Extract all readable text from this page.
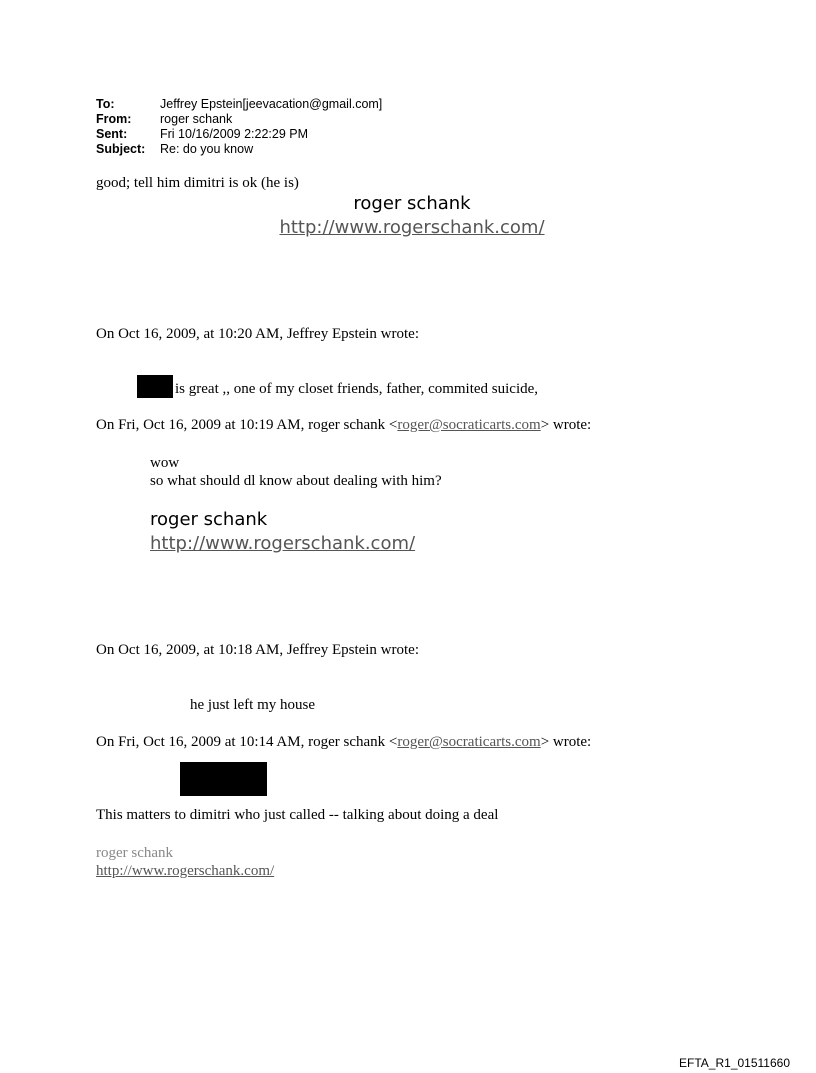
To:	Jeffrey Epstein[jeevacation@gmail.com]
From: roger schank
Sent:	Fri 10/16/2009 2:22:29 PM
Subject: Re: do you know
good; tell him dimitri is ok (he is)
roger schank
http://www.rogerschank.com/
On Oct 16, 2009, at 10:20 AM, Jeffrey Epstein wrote:
is great ,, one of my closet friends, father, commited suicide,
On Fri, Oct 16, 2009 at 10:19 AM, roger schank <roger@socraticarts.com> wrote:
wow
so what should dl know about dealing with him?
roger schank
http://www.rogerschank.com/
On Oct 16, 2009, at 10:18 AM, Jeffrey Epstein wrote:
he just left my house
On Fri, Oct 16, 2009 at 10:14 AM, roger schank <roger@socraticarts.com> wrote:
This matters to dimitri who just called -- talking about doing a deal
roger schank
http://www.rogerschank.com/
EFTA_R1_01511660
